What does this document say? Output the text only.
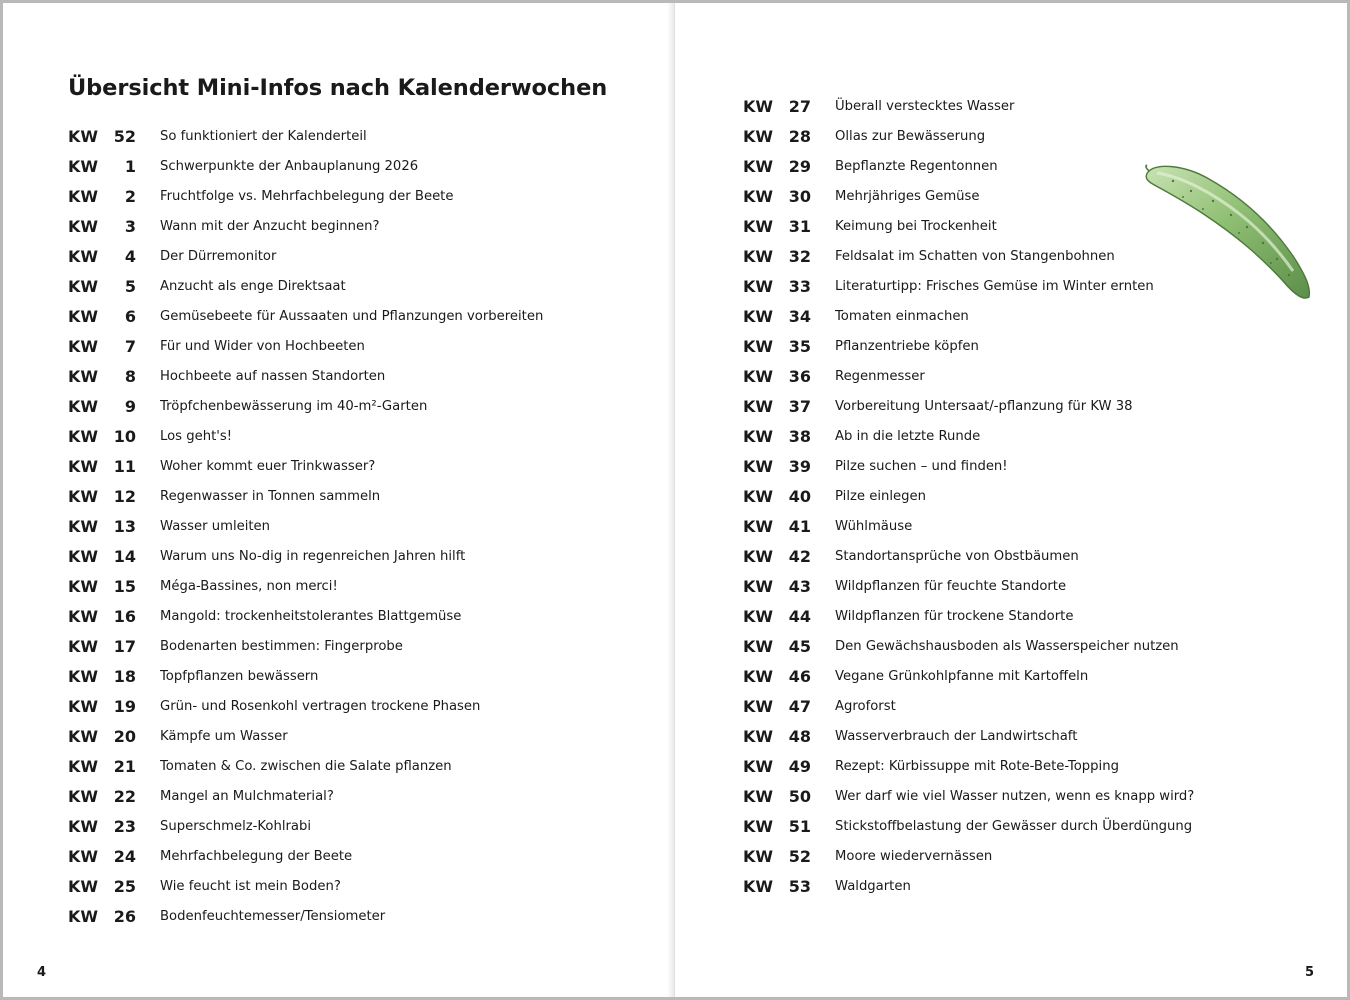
Übersicht Mini-Infos nach Kalenderwochen
KW 52 So funktioniert der Kalenderteil
KW	1 Schwerpunkte der Anbauplanung 2026
KW	2 Fruchtfolge vs. Mehrfachbelegung der Beete
KW	3 Wann mit der Anzucht beginnen?
KW	4 Der Dürremonitor
KW	5 Anzucht als enge Direktsaat
KW	6 Gemüsebeete für Aussaaten und Pflanzungen vorbereiten
KW	7 Für und Wider von Hochbeeten
KW	8 Hochbeete auf nassen Standorten
KW	9 Tröpfchenbewässerung im 40-m²-Garten
KW 10 Los geht's!
KW 11 Woher kommt euer Trinkwasser?
KW 12 Regenwasser in Tonnen sammeln
KW 13 Wasser umleiten
KW 14 Warum uns No-dig in regenreichen Jahren hilft
KW 15 Méga-Bassines, non merci!
KW 16 Mangold: trockenheitstolerantes Blattgemüse
KW 17 Bodenarten bestimmen: Fingerprobe
KW 18 Topfpflanzen bewässern
KW 19 Grün- und Rosenkohl vertragen trockene Phasen
KW 20 Kämpfe um Wasser
KW 21 Tomaten & Co. zwischen die Salate pflanzen
KW 22 Mangel an Mulchmaterial?
KW 23 Superschmelz-Kohlrabi
KW 24 Mehrfachbelegung der Beete
KW 25 Wie feucht ist mein Boden?
KW 26 Bodenfeuchtemesser/Tensiometer
4
KW 27 Überall verstecktes Wasser
KW 28 Ollas zur Bewässerung
KW 29 Bepflanzte Regentonnen
KW 30 Mehrjähriges Gemüse
KW 31 Keimung bei Trockenheit
KW 32 Feldsalat im Schatten von Stangenbohnen
KW 33 Literaturtipp: Frisches Gemüse im Winter ernten
KW 34 Tomaten einmachen
KW 35 Pflanzentriebe köpfen
KW 36 Regenmesser
KW 37 Vorbereitung Untersaat/-pflanzung für KW 38
KW 38 Ab in die letzte Runde
KW 39 Pilze suchen – und finden!
KW 40 Pilze einlegen
KW 41 Wühlmäuse
KW 42 Standortansprüche von Obstbäumen
KW 43 Wildpflanzen für feuchte Standorte
KW 44 Wildpflanzen für trockene Standorte
KW 45 Den Gewächshausboden als Wasserspeicher nutzen
KW 46 Vegane Grünkohlpfanne mit Kartoffeln
KW 47 Agroforst
KW 48 Wasserverbrauch der Landwirtschaft
KW 49 Rezept: Kürbissuppe mit Rote-Bete-Topping
KW 50 Wer darf wie viel Wasser nutzen, wenn es knapp wird?
KW 51 Stickstoffbelastung der Gewässer durch Überdüngung
KW 52 Moore wiedervernässen
KW 53 Waldgarten
5
